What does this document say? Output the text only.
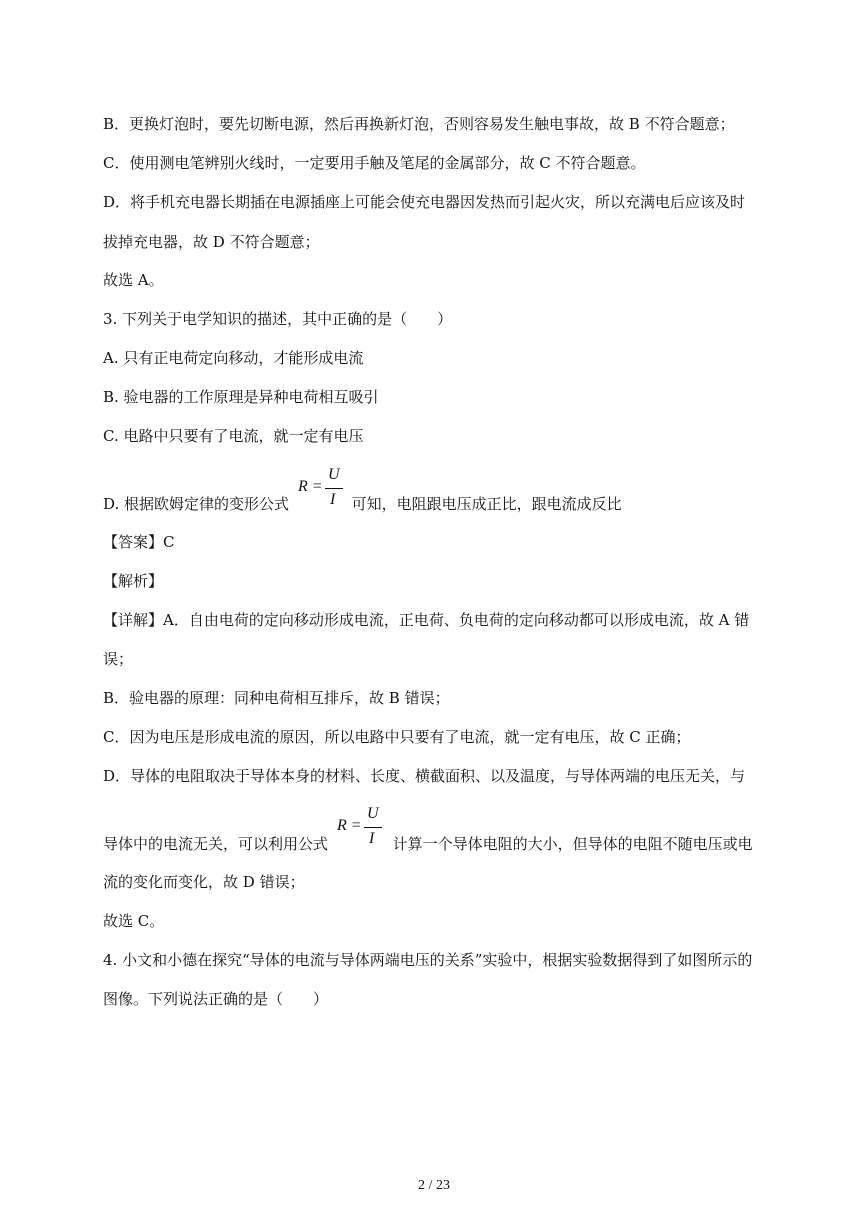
B．更换灯泡时，要先切断电源，然后再换新灯泡，否则容易发生触电事故，故 B 不符合题意；
C．使用测电笔辨别火线时，一定要用手触及笔尾的金属部分，故 C 不符合题意。
D．将手机充电器长期插在电源插座上可能会使充电器因发热而引起火灾，所以充满电后应该及时
拔掉充电器，故 D 不符合题意；
故选 A。
3. 下列关于电学知识的描述，其中正确的是（　　）
A. 只有正电荷定向移动，才能形成电流
B. 验电器的工作原理是异种电荷相互吸引
C. 电路中只要有了电流，就一定有电压
D. 根据欧姆定律的变形公式	可知，电阻跟电压成正比，跟电流成反比
R =
U
I
【答案】C
【解析】
【详解】A．自由电荷的定向移动形成电流，正电荷、负电荷的定向移动都可以形成电流，故 A 错
误；
B．验电器的原理：同种电荷相互排斥，故 B 错误；
C．因为电压是形成电流的原因，所以电路中只要有了电流，就一定有电压，故 C 正确；
D．导体的电阻取决于导体本身的材料、长度、横截面积、以及温度，与导体两端的电压无关，与
导体中的电流无关，可以利用公式	计算一个导体电阻的大小，但导体的电阻不随电压或电
R =
U
I
流的变化而变化，故 D 错误；
故选 C。
4. 小文和小德在探究“导体的电流与导体两端电压的关系”实验中，根据实验数据得到了如图所示的
图像。下列说法正确的是（　　）
2 / 23
